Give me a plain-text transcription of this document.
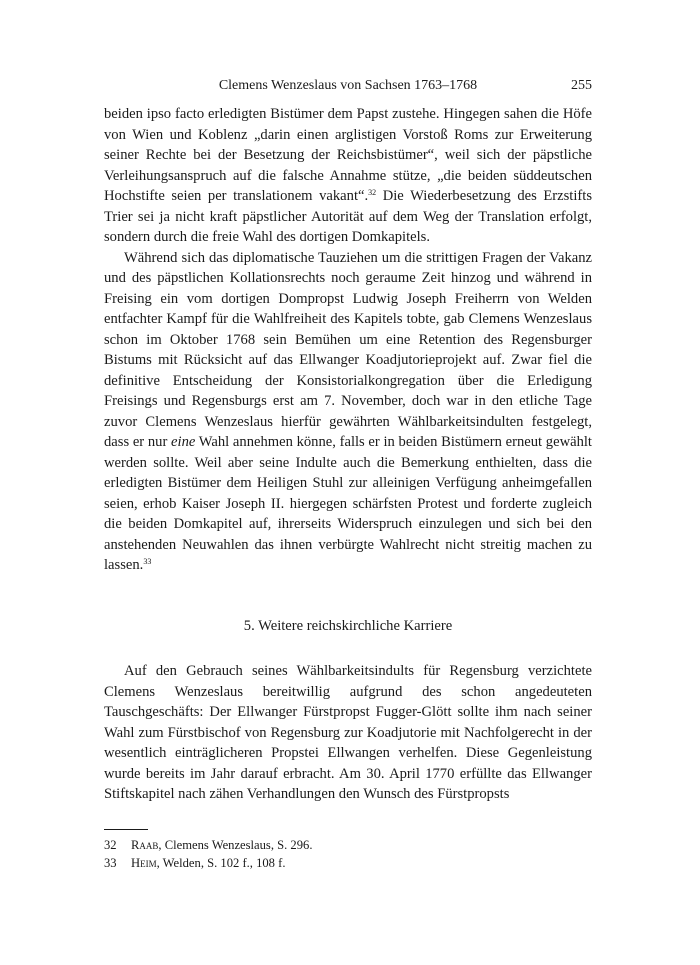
Clemens Wenzeslaus von Sachsen 1763–1768	255

beiden ipso facto erledigten Bistümer dem Papst zustehe. Hingegen sahen die Höfe von Wien und Koblenz „darin einen arglistigen Vorstoß Roms zur Erweiterung seiner Rechte bei der Besetzung der Reichsbistümer“, weil sich der päpstliche Verleihungsanspruch auf die falsche Annahme stütze, „die beiden süddeutschen Hochstifte seien per translationem vakant“.$^{32}$ Die Wiederbesetzung des Erzstifts Trier sei ja nicht kraft päpstlicher Autorität auf dem Weg der Translation erfolgt, sondern durch die freie Wahl des dortigen Domkapitels.

Während sich das diplomatische Tauziehen um die strittigen Fragen der Vakanz und des päpstlichen Kollationsrechts noch geraume Zeit hinzog und während in Freising ein vom dortigen Dompropst Ludwig Joseph Freiherrn von Welden entfachter Kampf für die Wahlfreiheit des Kapitels tobte, gab Clemens Wenzeslaus schon im Oktober 1768 sein Bemühen um eine Retention des Regensburger Bistums mit Rücksicht auf das Ellwanger Koadjutorieprojekt auf. Zwar fiel die definitive Entscheidung der Konsistorialkongregation über die Erledigung Freisings und Regensburgs erst am 7. November, doch war in den etliche Tage zuvor Clemens Wenzeslaus hierfür gewährten Wählbarkeitsindulten festgelegt, dass er nur eine Wahl annehmen könne, falls er in beiden Bistümern erneut gewählt werden sollte. Weil aber seine Indulte auch die Bemerkung enthielten, dass die erledigten Bistümer dem Heiligen Stuhl zur alleinigen Verfügung anheimgefallen seien, erhob Kaiser Joseph II. hiergegen schärfsten Protest und forderte zugleich die beiden Domkapitel auf, ihrerseits Widerspruch einzulegen und sich bei den anstehenden Neuwahlen das ihnen verbürgte Wahlrecht nicht streitig machen zu lassen.$^{33}$

5. Weitere reichskirchliche Karriere

Auf den Gebrauch seines Wählbarkeitsindults für Regensburg verzichtete Clemens Wenzeslaus bereitwillig aufgrund des schon angedeuteten Tauschgeschäfts: Der Ellwanger Fürstpropst Fugger-Glött sollte ihm nach seiner Wahl zum Fürstbischof von Regensburg zur Koadjutorie mit Nachfolgerecht in der wesentlich einträglicheren Propstei Ellwangen verhelfen. Diese Gegenleistung wurde bereits im Jahr darauf erbracht. Am 30. April 1770 erfüllte das Ellwanger Stiftskapitel nach zähen Verhandlungen den Wunsch des Fürstpropsts

32	Raab, Clemens Wenzeslaus, S. 296.
33	Heim, Welden, S. 102 f., 108 f.
